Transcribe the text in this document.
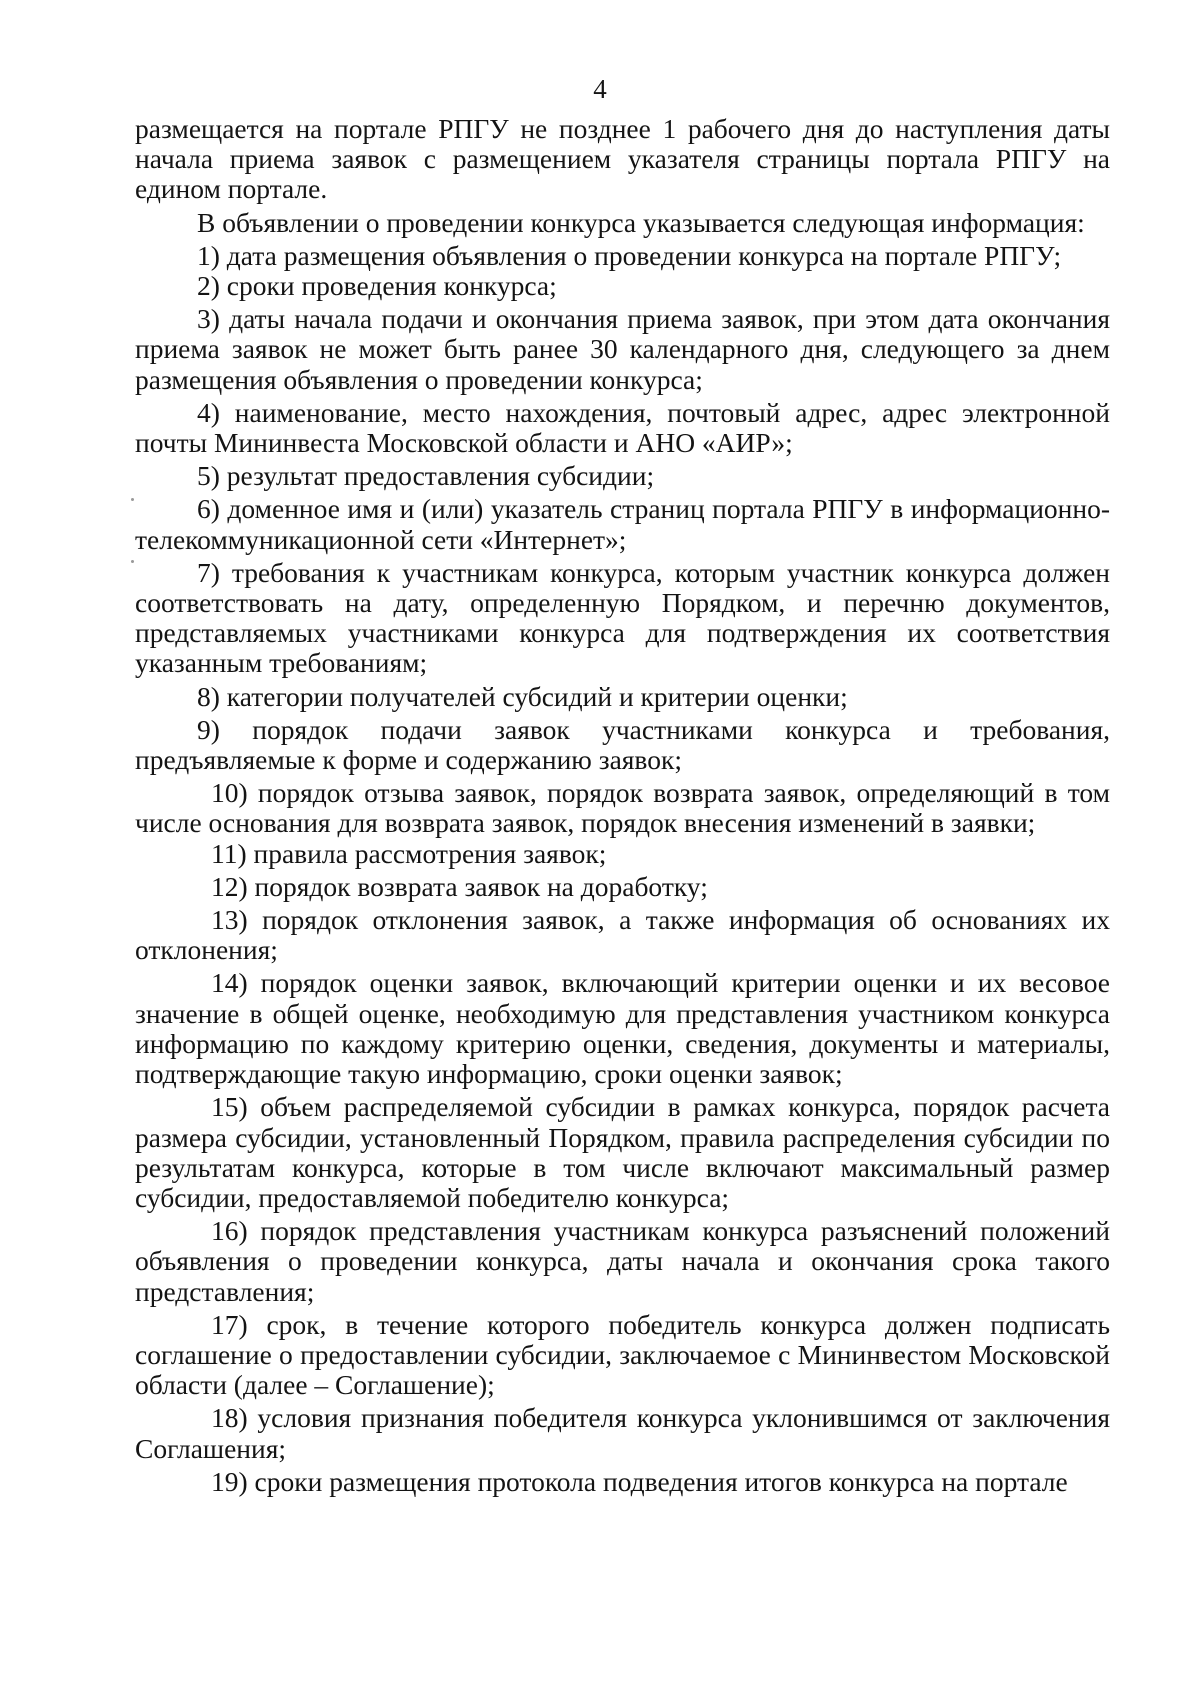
4

размещается на портале РПГУ не позднее 1 рабочего дня до наступления даты начала приема заявок с размещением указателя страницы портала РПГУ на едином портале.

В объявлении о проведении конкурса указывается следующая информация:

1) дата размещения объявления о проведении конкурса на портале РПГУ;

2) сроки проведения конкурса;

3) даты начала подачи и окончания приема заявок, при этом дата окончания приема заявок не может быть ранее 30 календарного дня, следующего за днем размещения объявления о проведении конкурса;

4) наименование, место нахождения, почтовый адрес, адрес электронной почты Мининвеста Московской области и АНО «АИР»;

5) результат предоставления субсидии;

6) доменное имя и (или) указатель страниц портала РПГУ в информационно-телекоммуникационной сети «Интернет»;

7) требования к участникам конкурса, которым участник конкурса должен соответствовать на дату, определенную Порядком, и перечню документов, представляемых участниками конкурса для подтверждения их соответствия указанным требованиям;

8) категории получателей субсидий и критерии оценки;

9) порядок подачи заявок участниками конкурса и требования, предъявляемые к форме и содержанию заявок;

10) порядок отзыва заявок, порядок возврата заявок, определяющий в том числе основания для возврата заявок, порядок внесения изменений в заявки;

11) правила рассмотрения заявок;

12) порядок возврата заявок на доработку;

13) порядок отклонения заявок, а также информация об основаниях их отклонения;

14) порядок оценки заявок, включающий критерии оценки и их весовое значение в общей оценке, необходимую для представления участником конкурса информацию по каждому критерию оценки, сведения, документы и материалы, подтверждающие такую информацию, сроки оценки заявок;

15) объем распределяемой субсидии в рамках конкурса, порядок расчета размера субсидии, установленный Порядком, правила распределения субсидии по результатам конкурса, которые в том числе включают максимальный размер субсидии, предоставляемой победителю конкурса;

16) порядок представления участникам конкурса разъяснений положений объявления о проведении конкурса, даты начала и окончания срока такого представления;

17) срок, в течение которого победитель конкурса должен подписать соглашение о предоставлении субсидии, заключаемое с Мининвестом Московской области (далее – Соглашение);

18) условия признания победителя конкурса уклонившимся от заключения Соглашения;

19) сроки размещения протокола подведения итогов конкурса на портале
